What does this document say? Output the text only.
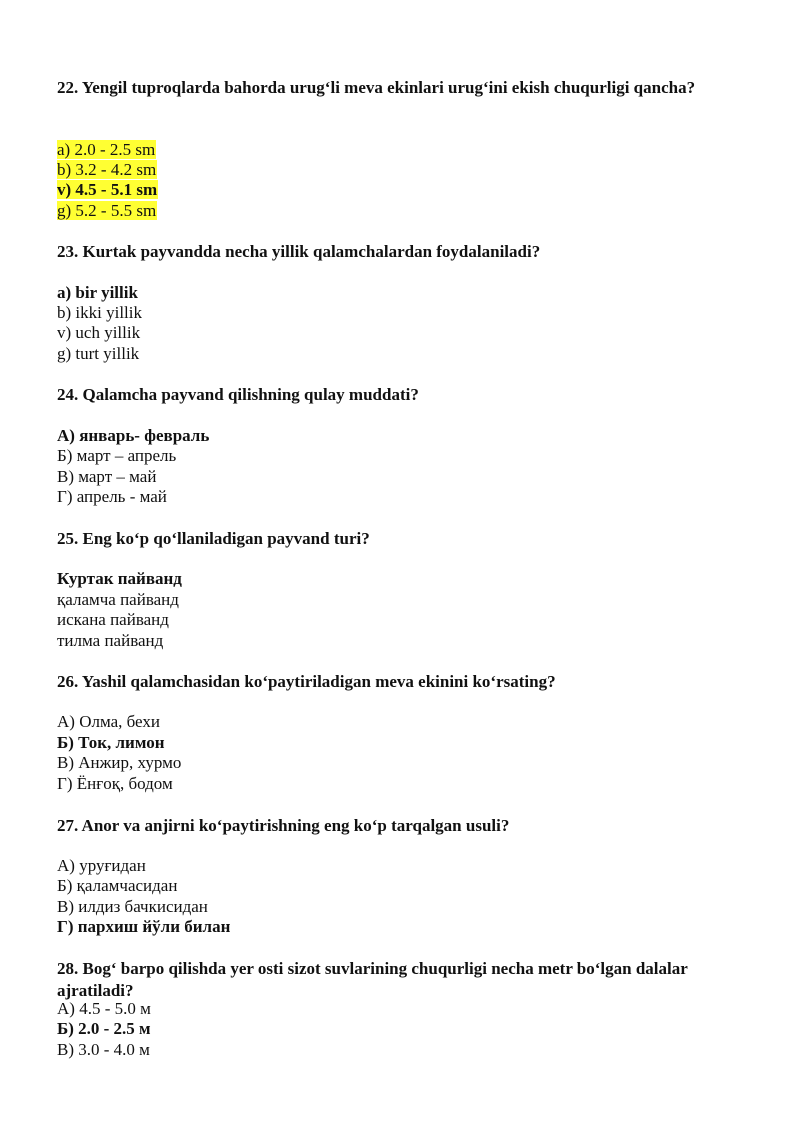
22. Yengil tuproqlarda bahorda urug‘li meva ekinlari urug‘ini ekish chuqurligi qancha?
a) 2.0 - 2.5 sm
b) 3.2 - 4.2 sm
v) 4.5 - 5.1 sm
g) 5.2 - 5.5 sm
23. Kurtak payvandda necha yillik qalamchalardan foydalaniladi?
a) bir yillik
b) ikki yillik
v) uch yillik
g) turt yillik
24. Qalamcha payvand qilishning qulay muddati?
А) январь- февраль
Б) март – апрель
В) март – май
Г) апрель - май
25. Eng ko‘p qo‘llaniladigan payvand turi?
Куртак пайванд
қаламча пайванд
искана пайванд
тилма пайванд
26. Yashil qalamchasidan ko‘paytiriladigan meva ekinini ko‘rsating?
А) Олма, бехи
Б) Ток, лимон
В) Анжир, хурмо
Г) Ёнғоқ, бодом
27. Anor va anjirni ko‘paytirishning eng ko‘p tarqalgan usuli?
А) уруғидан
Б) қаламчасидан
В) илдиз бачкисидан
Г) пархиш йўли билан
28. Bog‘ barpo qilishda yer osti sizot suvlarining chuqurligi necha metr bo‘lgan dalalar ajratiladi?
А) 4.5 - 5.0 м
Б) 2.0 - 2.5 м
В) 3.0 - 4.0 м
